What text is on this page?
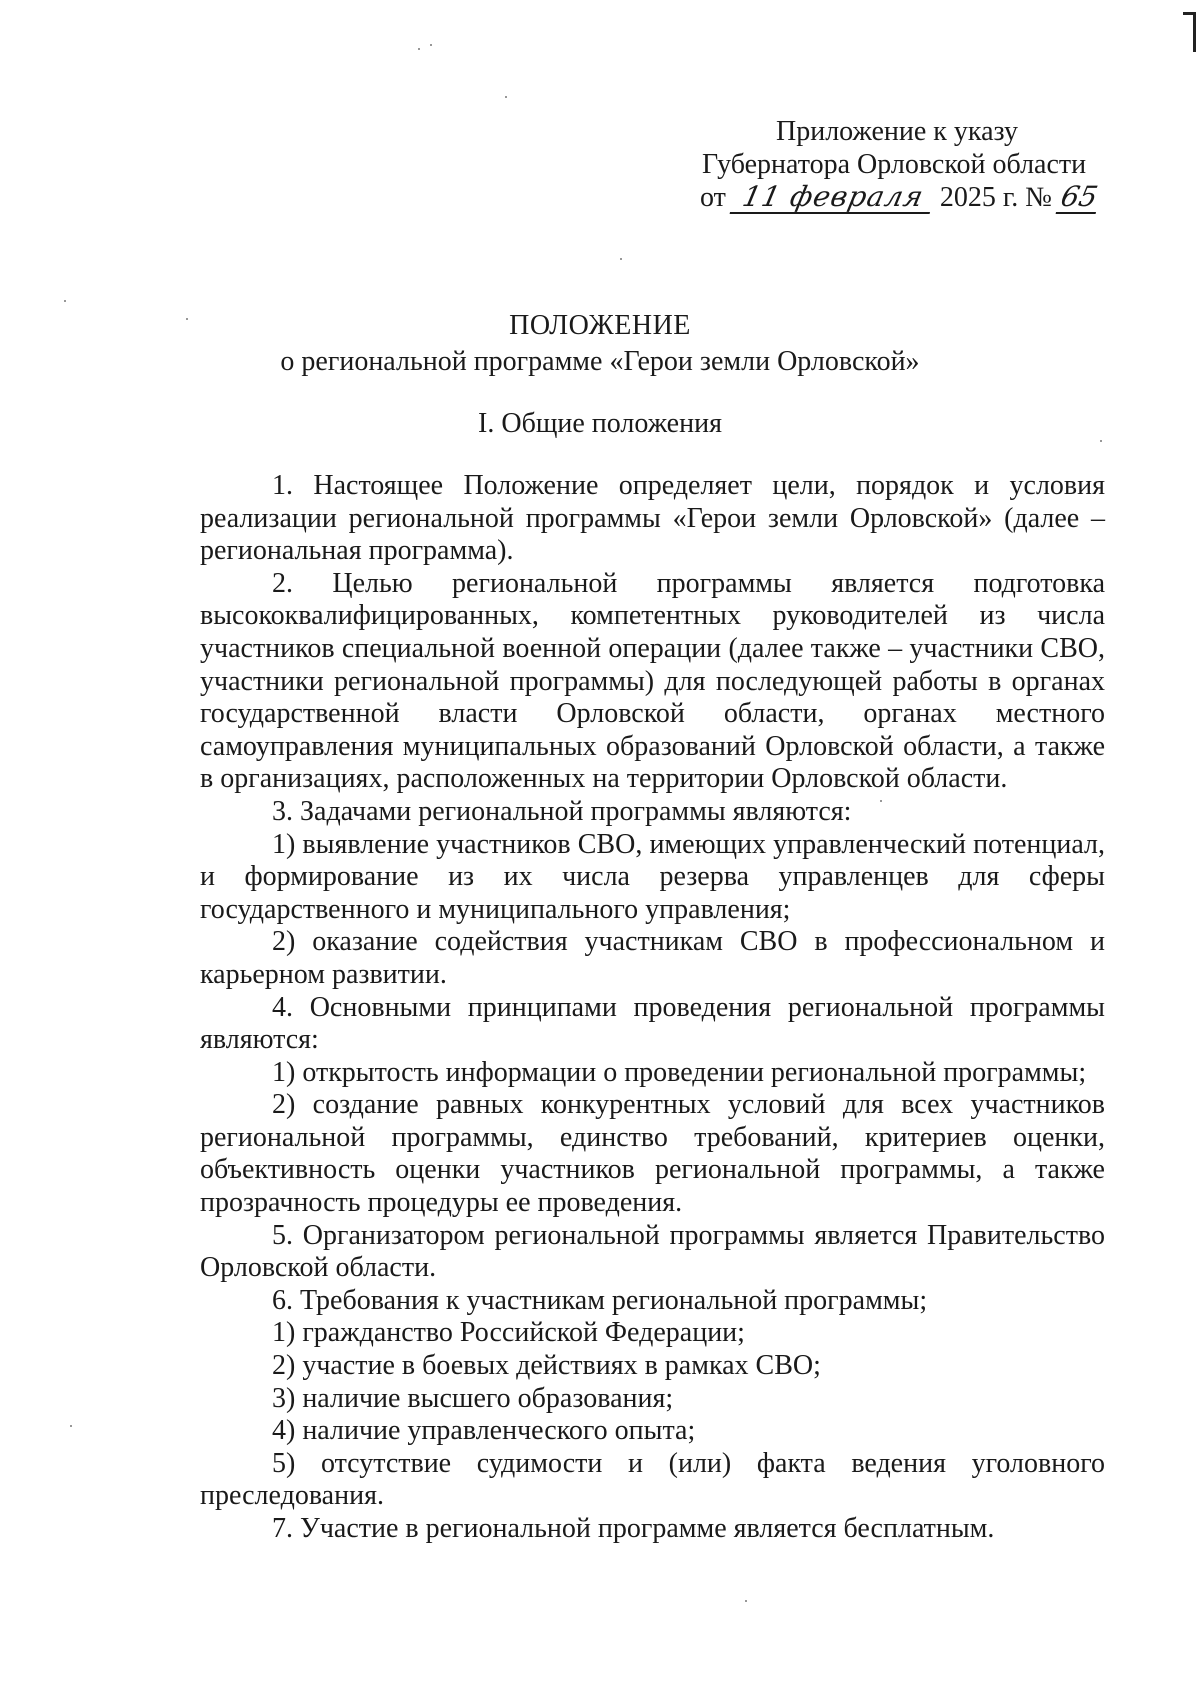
Приложение к указу
Губернатора Орловской области
от 11 февраля 2025 г. № 65
ПОЛОЖЕНИЕ
о региональной программе «Герои земли Орловской»
I. Общие положения

1. Настоящее Положение определяет цели, порядок и условия реализации региональной программы «Герои земли Орловской» (далее – региональная программа).

2. Целью региональной программы является подготовка высококвалифицированных, компетентных руководителей из числа участников специальной военной операции (далее также – участники СВО, участники региональной программы) для последующей работы в органах государственной власти Орловской области, органах местного самоуправления муниципальных образований Орловской области, а также в организациях, расположенных на территории Орловской области.

3. Задачами региональной программы являются:

1) выявление участников СВО, имеющих управленческий потенциал, и формирование из их числа резерва управленцев для сферы государственного и муниципального управления;

2) оказание содействия участникам СВО в профессиональном и карьерном развитии.

4. Основными принципами проведения региональной программы являются:

1) открытость информации о проведении региональной программы;

2) создание равных конкурентных условий для всех участников региональной программы, единство требований, критериев оценки, объективность оценки участников региональной программы, а также прозрачность процедуры ее проведения.

5. Организатором региональной программы является Правительство Орловской области.

6. Требования к участникам региональной программы;

1) гражданство Российской Федерации;

2) участие в боевых действиях в рамках СВО;

3) наличие высшего образования;

4) наличие управленческого опыта;

5) отсутствие судимости и (или) факта ведения уголовного преследования.

7. Участие в региональной программе является бесплатным.
